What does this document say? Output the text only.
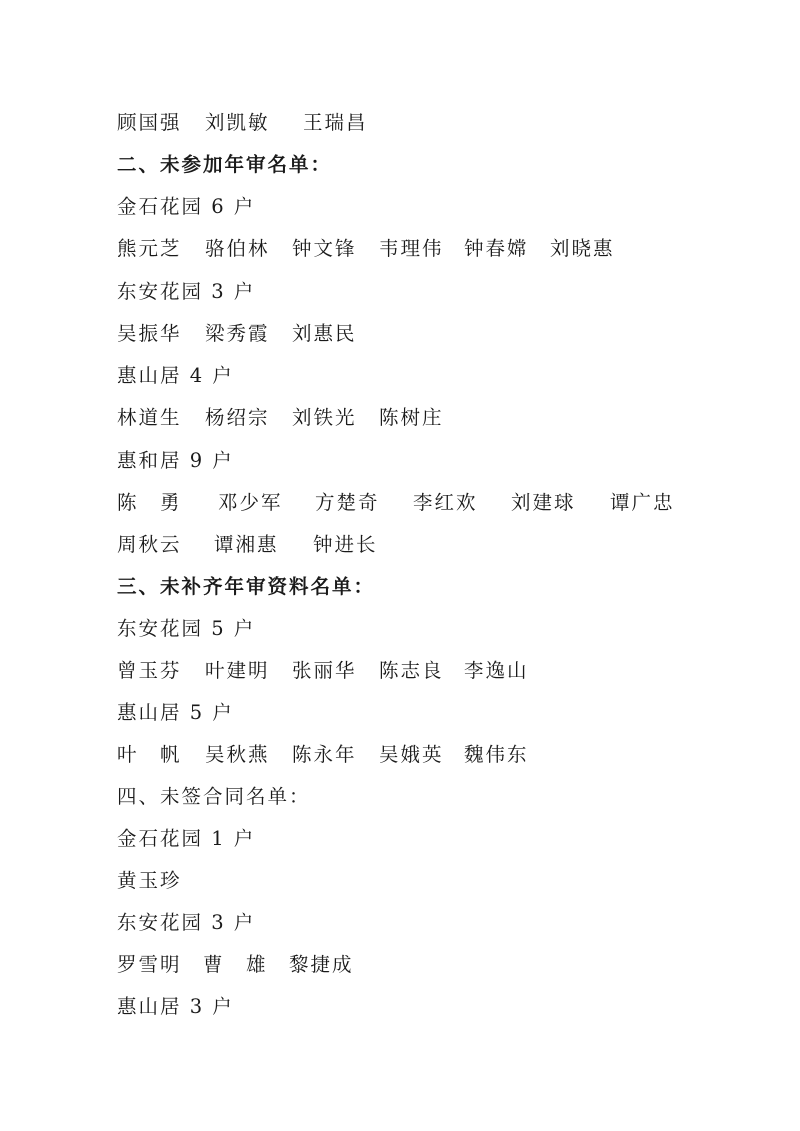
顾国强 刘凯敏 王瑞昌
二、未参加年审名单：
金石花园 6 户
熊元芝 骆伯林 钟文锋 韦理伟 钟春嫦 刘晓惠
东安花园 3 户
吴振华 梁秀霞 刘惠民
惠山居 4 户
林道生 杨绍宗 刘铁光 陈树庄
惠和居 9 户
陈　勇 邓少军 方楚奇 李红欢 刘建球 谭广忠
周秋云 谭湘惠 钟进长
三、未补齐年审资料名单：
东安花园 5 户
曾玉芬 叶建明 张丽华 陈志良 李逸山
惠山居 5 户
叶　帆 吴秋燕 陈永年 吴娥英 魏伟东
四、未签合同名单：
金石花园 1 户
黄玉珍
东安花园 3 户
罗雪明 曹　雄 黎捷成
惠山居 3 户
